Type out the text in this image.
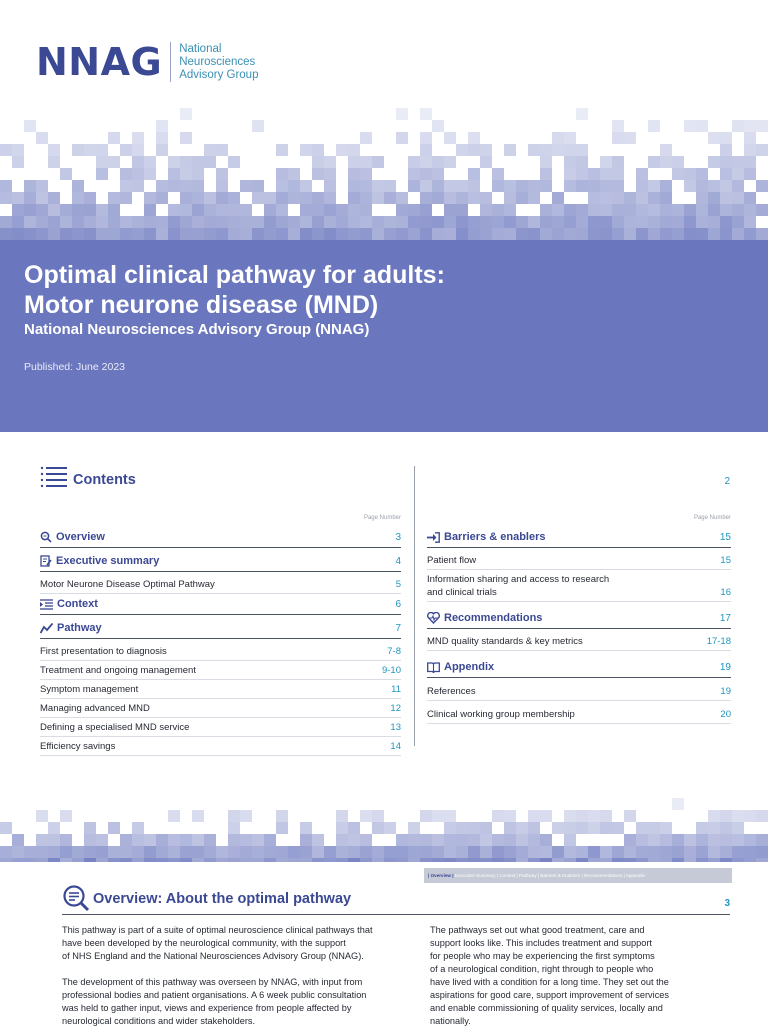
NNAG National
Neurosciences
Advisory Group
Optimal clinical pathway for adults:
Motor neurone disease (MND)
National Neurosciences Advisory Group (NNAG)
Published: June 2023
Contents	2
Page Number
Overview	3
Executive summary	4
Motor Neurone Disease Optimal Pathway	5
Context	6
Pathway	7
First presentation to diagnosis	7-8
Treatment and ongoing management	9-10
Symptom management	11
Managing advanced MND	12
Defining a specialised MND service	13
Efficiency savings	14
Page Number
Barriers & enablers	15
Patient flow	15
Information sharing and access to research
and clinical trials	16
Recommendations	17
MND quality standards & key metrics	17-18
Appendix	19
References	19
Clinical working group membership	20
| Overview |
Executive Summary | Context | Pathway | Barriers & Enablers | Recommendations | Appendix
Overview: About the optimal pathway	3
This pathway is part of a suite of optimal neuroscience clinical pathways that
have been developed by the neurological community, with the support
of NHS England and the National Neurosciences Advisory Group (NNAG).
The development of this pathway was overseen by NNAG, with input from
professional bodies and patient organisations. A 6 week public consultation
was held to gather input, views and experience from people affected by
neurological conditions and wider stakeholders.
The pathways set out what good treatment, care and
support looks like. This includes treatment and support
for people who may be experiencing the first symptoms
of a neurological condition, right through to people who
have lived with a condition for a long time. They set out the
aspirations for good care, support improvement of services
and enable commissioning of quality services, locally and
nationally.
